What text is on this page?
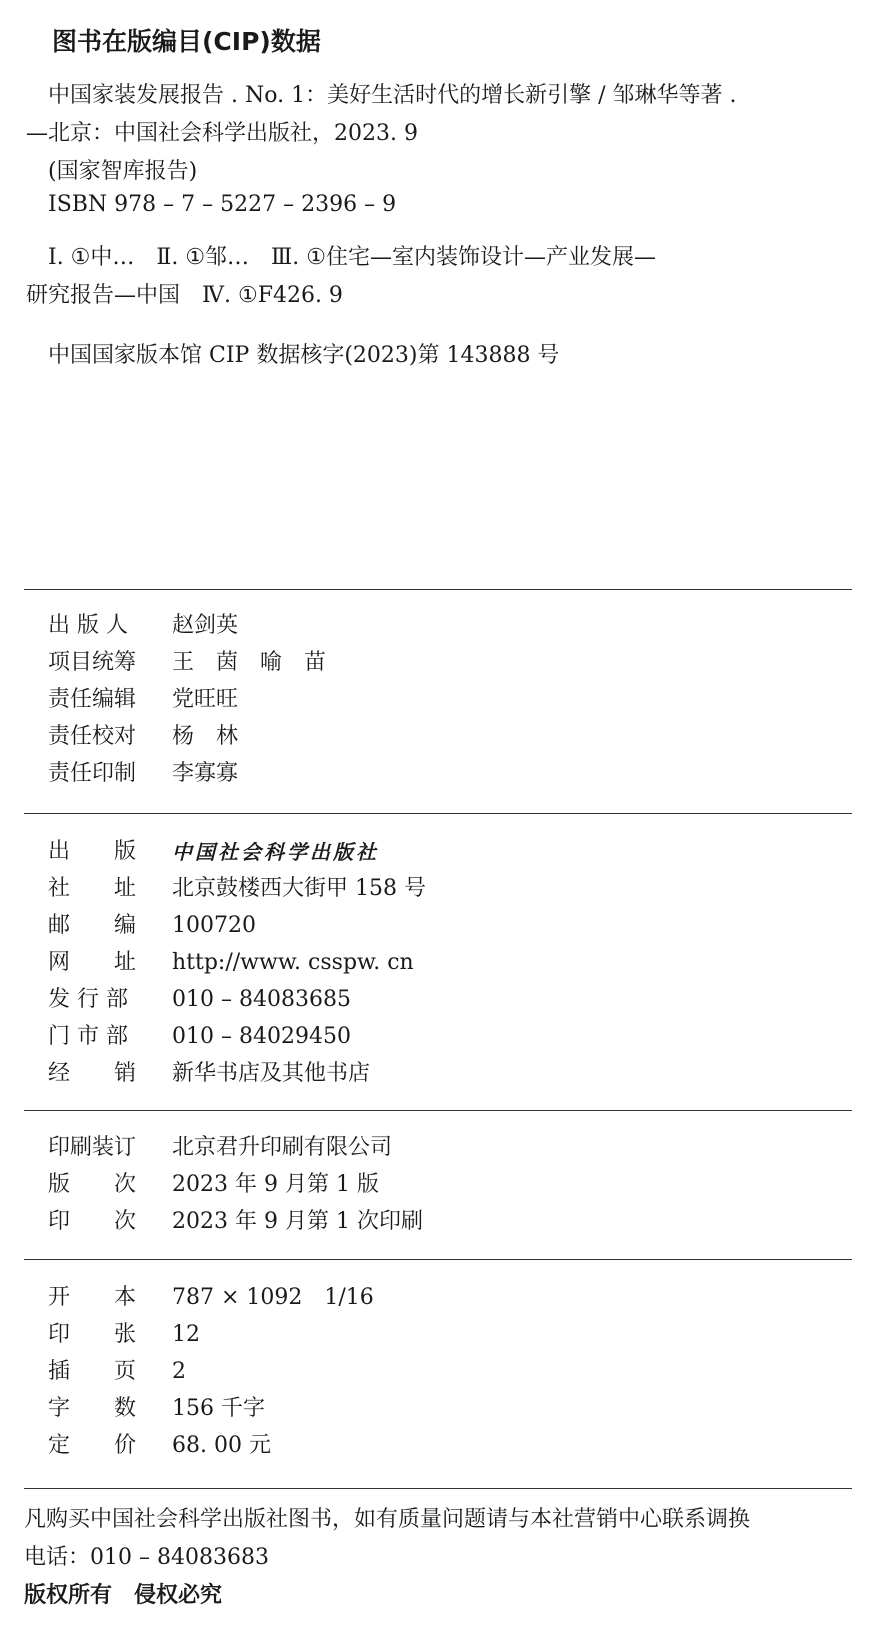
图书在版编目(CIP)数据
中国家装发展报告 . No. 1：美好生活时代的增长新引擎 / 邹琳华等著 .
—北京：中国社会科学出版社，2023. 9
(国家智库报告)
ISBN 978 – 7 – 5227 – 2396 – 9
Ⅰ. ①中…　Ⅱ. ①邹…　Ⅲ. ①住宅—室内装饰设计—产业发展—
研究报告—中国　Ⅳ. ①F426. 9
中国国家版本馆 CIP 数据核字(2023)第 143888 号
出 版 人 赵剑英
项目统筹 王　茵　喻　苗
责任编辑 党旺旺
责任校对 杨　林
责任印制 李寡寡
出　　版 中国社会科学出版社
社　　址 北京鼓楼西大街甲 158 号
邮　　编 100720
网　　址 http://www. csspw. cn
发 行 部 010 – 84083685
门 市 部 010 – 84029450
经　　销 新华书店及其他书店
印刷装订 北京君升印刷有限公司
版　　次 2023 年 9 月第 1 版
印　　次 2023 年 9 月第 1 次印刷
开　　本 787 × 1092　1/16
印　　张 12
插　　页 2
字　　数 156 千字
定　　价 68. 00 元
凡购买中国社会科学出版社图书，如有质量问题请与本社营销中心联系调换
电话：010 – 84083683
版权所有　侵权必究
